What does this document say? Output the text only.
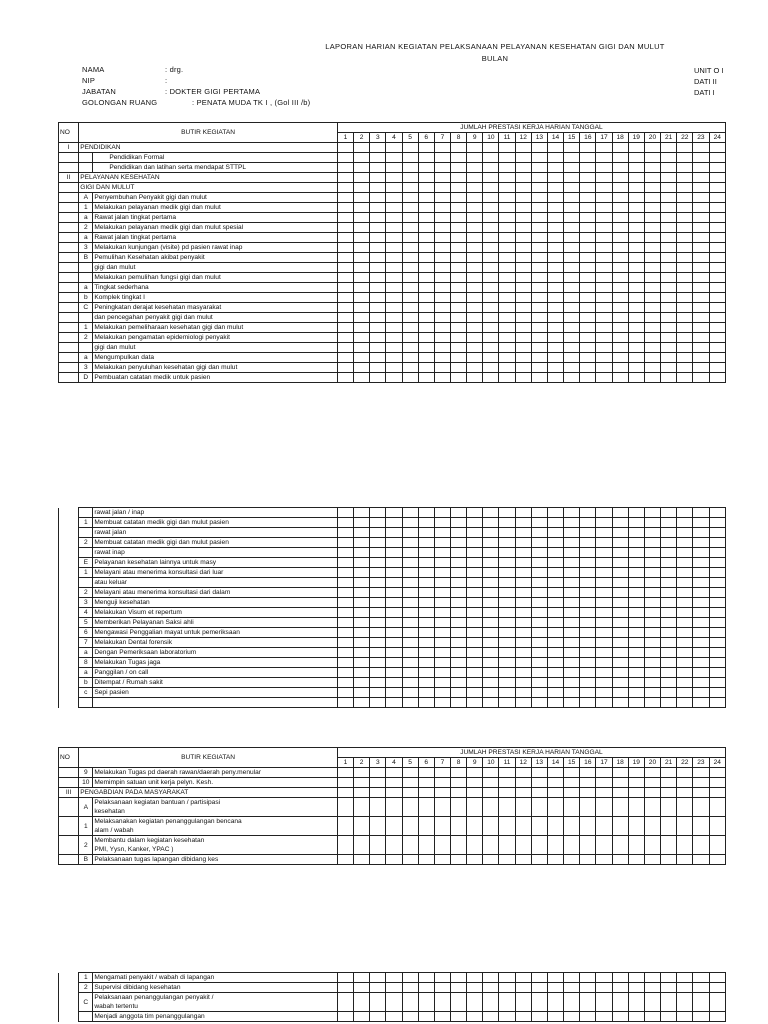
LAPORAN HARIAN KEGIATAN PELAKSANAAN PELAYANAN KESEHATAN GIGI DAN MULUT
BULAN
NAMA	: drg.
NIP	:
JABATAN	: DOKTER GIGI PERTAMA
GOLONGAN RUANG	: PENATA MUDA TK I , (Gol III /b)
UNIT O I
DATI II
DATI I
NO	BUTIR KEGIATAN		JUMLAH PRESTASI KERJA HARIAN TANGGAL																							
			1	2	3	4	5	6	7	8	9	10	11	12	13	14	15	16	17	18	19	20	21	22	23	24
I	PENDIDIKAN																									
		Pendidikan Formal																								
		Pendidikan dan latihan serta mendapat STTPL																								
II	PELAYANAN KESEHATAN																									
	GIGI DAN MULUT																									
	A	Penyembuhan Penyakit gigi dan mulut																								
	1	Melakukan pelayanan medik gigi dan mulut																								
	a	Rawat jalan tingkat pertama																								
	2	Melakukan pelayanan medik gigi dan mulut spesial																								
	a	Rawat jalan tingkat pertama																								
	3	Melakukan kunjungan (visite) pd pasien rawat inap																								
	B	Pemulihan Kesehatan akibat penyakit																								
		gigi dan mulut																								
		Melakukan pemulihan fungsi gigi dan mulut																								
	a	Tingkat sederhana																								
	b	Komplek tingkat I																								
	C	Peningkatan derajat kesehatan masyarakat																								
		dan pencegahan penyakit gigi dan mulut																								
	1	Melakukan pemeliharaan kesehatan gigi dan mulut																								
	2	Melakukan pengamatan epidemiologi penyakit																								
		gigi dan mulut																								
	a	Mengumpulkan data																								
	3	Melakukan penyuluhan kesehatan gigi dan mulut																								
	D	Pembuatan catatan medik untuk pasien																								
		rawat jalan / inap																								
	1	Membuat catatan medik gigi dan mulut pasien																								
		rawat jalan																								
	2	Membuat catatan medik gigi dan mulut pasien																								
		rawat inap																								
	E	Pelayanan kesehatan lainnya untuk masy																								
	1	Melayani atau menerima konsultasi dari luar																								
		atau keluar																								
	2	Melayani atau menerima konsultasi dari dalam																								
	3	Menguji kesehatan																								
	4	Melakukan Visum et repertum																								
	5	Memberikan Pelayanan Saksi ahli																								
	6	Mengawasi Penggalian mayat untuk pemeriksaan																								
	7	Melakukan Dental forensik																								
	a	Dengan Pemeriksaan laboratorium																								
	8	Melakukan Tugas jaga																								
	a	Panggilan / on call																								
	b	Ditempat / Rumah sakit																								
	c	Sepi pasien																								

NO	BUTIR KEGIATAN		JUMLAH PRESTASI KERJA HARIAN TANGGAL																							
			1	2	3	4	5	6	7	8	9	10	11	12	13	14	15	16	17	18	19	20	21	22	23	24
	9	Melakukan Tugas pd daerah rawan/daerah peny.menular																								
	10	Memimpin satuan unit kerja pelyn. Kesh.																								
III	PENGABDIAN PADA MASYARAKAT																									
	A	Pelaksanaan kegiatan bantuan / partisipasi
kesehatan																								

	1	Melaksanakan kegiatan penanggulangan bencana
alam / wabah																								

	2	Membantu dalam kegiatan kesehatan
PMI, Yysn, Kanker, YPAC )																								

	B	Pelaksanaan tugas lapangan dibidang kes																								
	1	Mengamati penyakit / wabah di lapangan																								
	2	Supervisi dibidang kesehatan																								
	C	Pelaksanaan penanggulangan penyakit /
wabah tertentu																								

		Menjadi anggota tim penanggulangan																								
